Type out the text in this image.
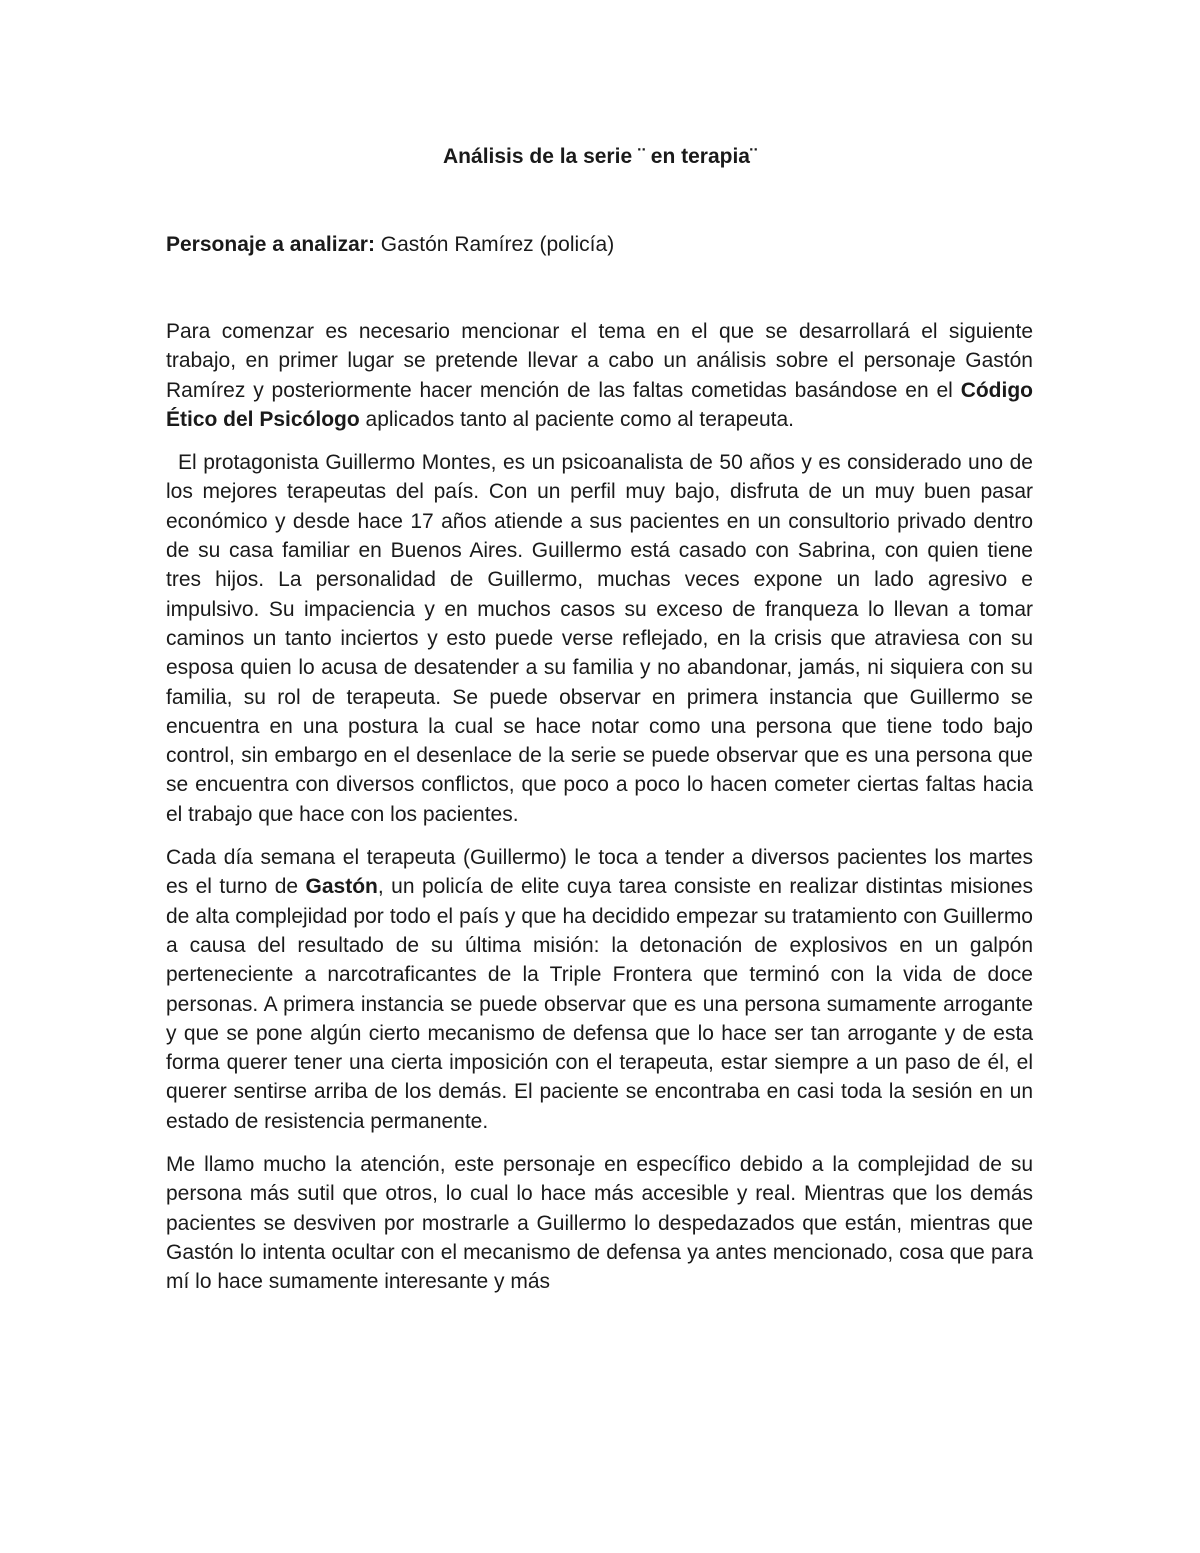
Análisis de la serie ¨ en terapia¨
Personaje a analizar: Gastón Ramírez (policía)

Para comenzar es necesario mencionar el tema en el que se desarrollará el siguiente trabajo, en primer lugar se pretende llevar a cabo un análisis sobre el personaje Gastón Ramírez y posteriormente hacer mención de las faltas cometidas basándose en el Código Ético del Psicólogo aplicados tanto al paciente como al terapeuta.

El protagonista Guillermo Montes, es un psicoanalista de 50 años y es considerado uno de los mejores terapeutas del país. Con un perfil muy bajo, disfruta de un muy buen pasar económico y desde hace 17 años atiende a sus pacientes en un consultorio privado dentro de su casa familiar en Buenos Aires. Guillermo está casado con Sabrina, con quien tiene tres hijos. La personalidad de Guillermo, muchas veces expone un lado agresivo e impulsivo. Su impaciencia y en muchos casos su exceso de franqueza lo llevan a tomar caminos un tanto inciertos y esto puede verse reflejado, en la crisis que atraviesa con su esposa quien lo acusa de desatender a su familia y no abandonar, jamás, ni siquiera con su familia, su rol de terapeuta. Se puede observar en primera instancia que Guillermo se encuentra en una postura la cual se hace notar como una persona que tiene todo bajo control, sin embargo en el desenlace de la serie se puede observar que es una persona que se encuentra con diversos conflictos, que poco a poco lo hacen cometer ciertas faltas hacia el trabajo que hace con los pacientes.

Cada día semana el terapeuta (Guillermo) le toca a tender a diversos pacientes los martes es el turno de Gastón, un policía de elite cuya tarea consiste en realizar distintas misiones de alta complejidad por todo el país y que ha decidido empezar su tratamiento con Guillermo a causa del resultado de su última misión: la detonación de explosivos en un galpón perteneciente a narcotraficantes de la Triple Frontera que terminó con la vida de doce personas. A primera instancia se puede observar que es una persona sumamente arrogante y que se pone algún cierto mecanismo de defensa que lo hace ser tan arrogante y de esta forma querer tener una cierta imposición con el terapeuta, estar siempre a un paso de él, el querer sentirse arriba de los demás. El paciente se encontraba en casi toda la sesión en un estado de resistencia permanente.

Me llamo mucho la atención, este personaje en específico debido a la complejidad de su persona más sutil que otros, lo cual lo hace más accesible y real. Mientras que los demás pacientes se desviven por mostrarle a Guillermo lo despedazados que están, mientras que Gastón lo intenta ocultar con el mecanismo de defensa ya antes mencionado, cosa que para mí lo hace sumamente interesante y más
